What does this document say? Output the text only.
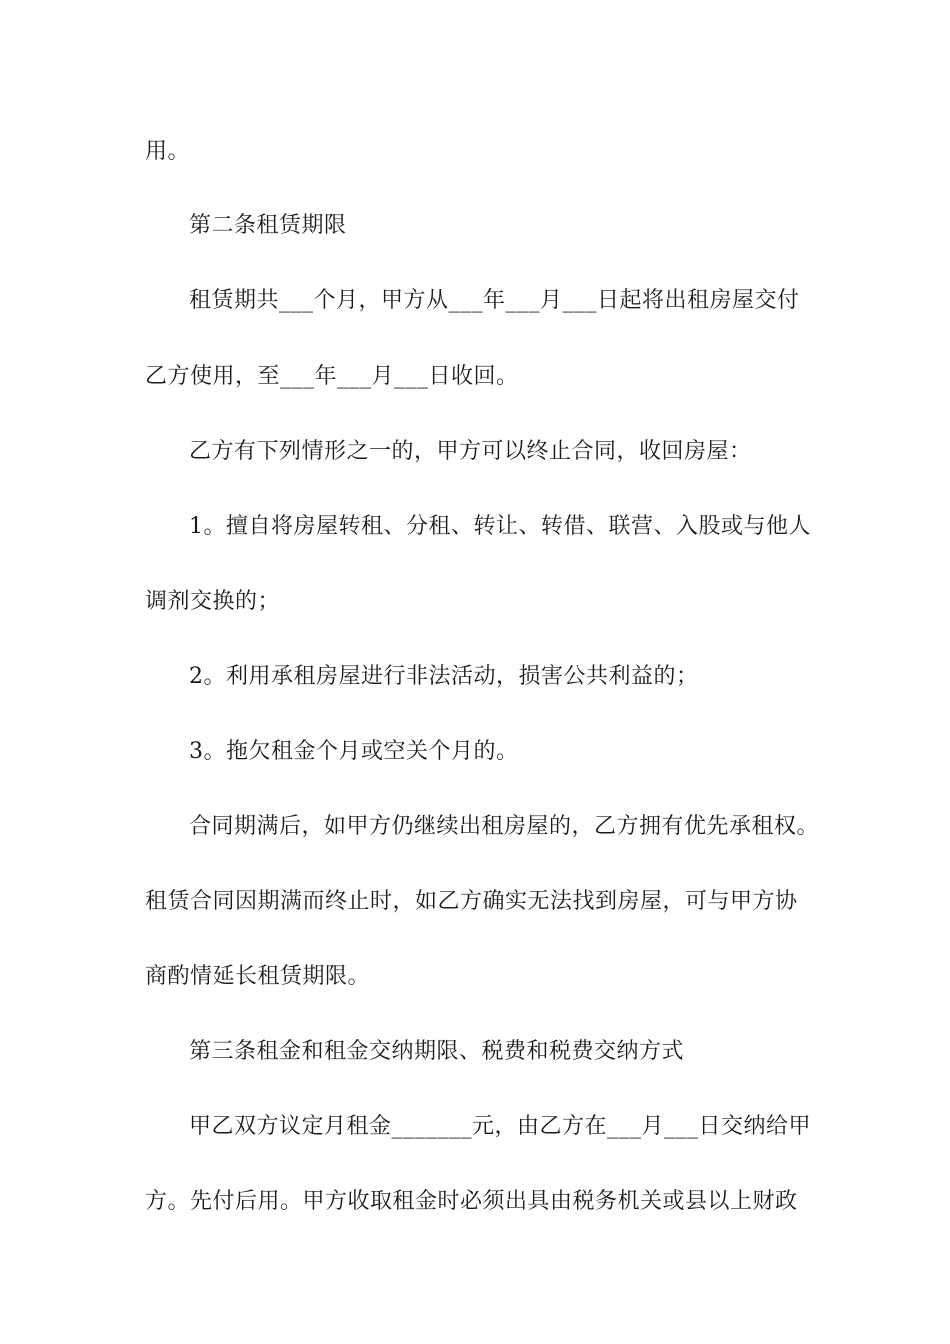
用。
第二条租赁期限
租赁期共___个月，甲方从___年___月___日起将出租房屋交付
乙方使用，至___年___月___日收回。
乙方有下列情形之一的，甲方可以终止合同，收回房屋：
1。擅自将房屋转租、分租、转让、转借、联营、入股或与他人
调剂交换的；
2。利用承租房屋进行非法活动，损害公共利益的；
3。拖欠租金个月或空关个月的。
合同期满后，如甲方仍继续出租房屋的，乙方拥有优先承租权。
租赁合同因期满而终止时，如乙方确实无法找到房屋，可与甲方协
商酌情延长租赁期限。
第三条租金和租金交纳期限、税费和税费交纳方式
甲乙双方议定月租金_______元，由乙方在___月___日交纳给甲
方。先付后用。甲方收取租金时必须出具由税务机关或县以上财政
